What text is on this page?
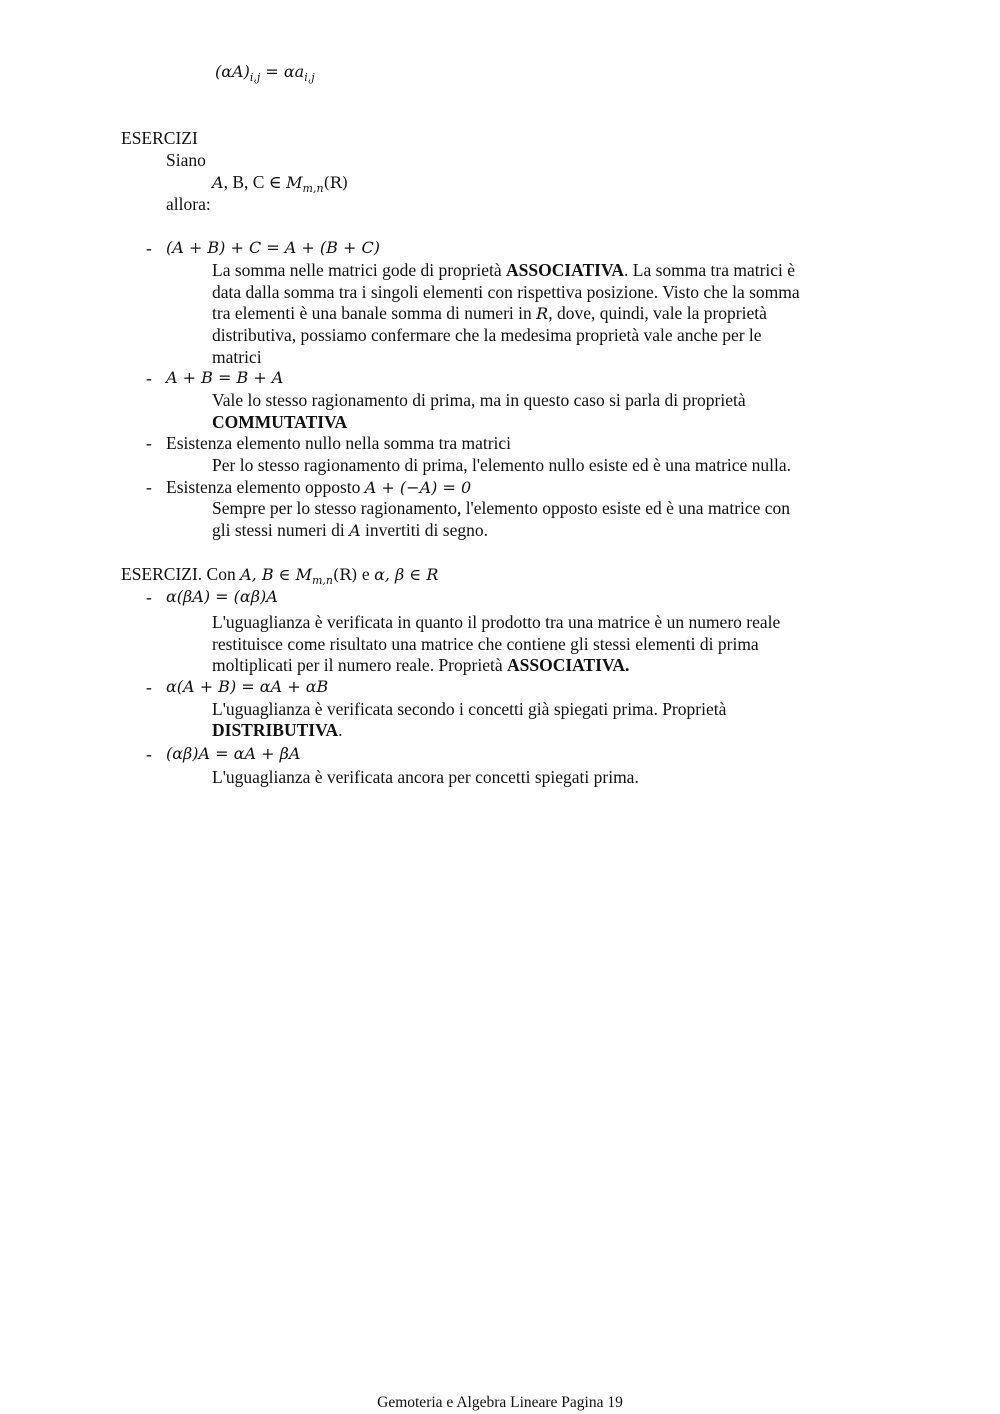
$(\alpha A)_{i,j} = \alpha a_{i,j}$
ESERCIZI
Siano
A, B, C ∈ $M_{m,n}(R)$
allora:
- (A + B) + C = A + (B + C)
La somma nelle matrici gode di proprietà ASSOCIATIVA. La somma tra matrici è
data dalla somma tra i singoli elementi con rispettiva posizione. Visto che la somma
tra elementi è una banale somma di numeri in R, dove, quindi, vale la proprietà
distributiva, possiamo confermare che la medesima proprietà vale anche per le
matrici
- A + B = B + A
Vale lo stesso ragionamento di prima, ma in questo caso si parla di proprietà
COMMUTATIVA
- Esistenza elemento nullo nella somma tra matrici
Per lo stesso ragionamento di prima, l'elemento nullo esiste ed è una matrice nulla.
- Esistenza elemento opposto A + (−A) = 0
Sempre per lo stesso ragionamento, l'elemento opposto esiste ed è una matrice con
gli stessi numeri di A invertiti di segno.
ESERCIZI. Con A, B ∈ $M_{m,n}(R)$ e α, β ∈ R
- α(βA) = (αβ)A
L'uguaglianza è verificata in quanto il prodotto tra una matrice è un numero reale
restituisce come risultato una matrice che contiene gli stessi elementi di prima
moltiplicati per il numero reale. Proprietà ASSOCIATIVA.
- α(A + B) = αA + αB
L'uguaglianza è verificata secondo i concetti già spiegati prima. Proprietà
DISTRIBUTIVA.
- (αβ)A = αA + βA
L'uguaglianza è verificata ancora per concetti spiegati prima.
Gemoteria e Algebra Lineare Pagina 19
